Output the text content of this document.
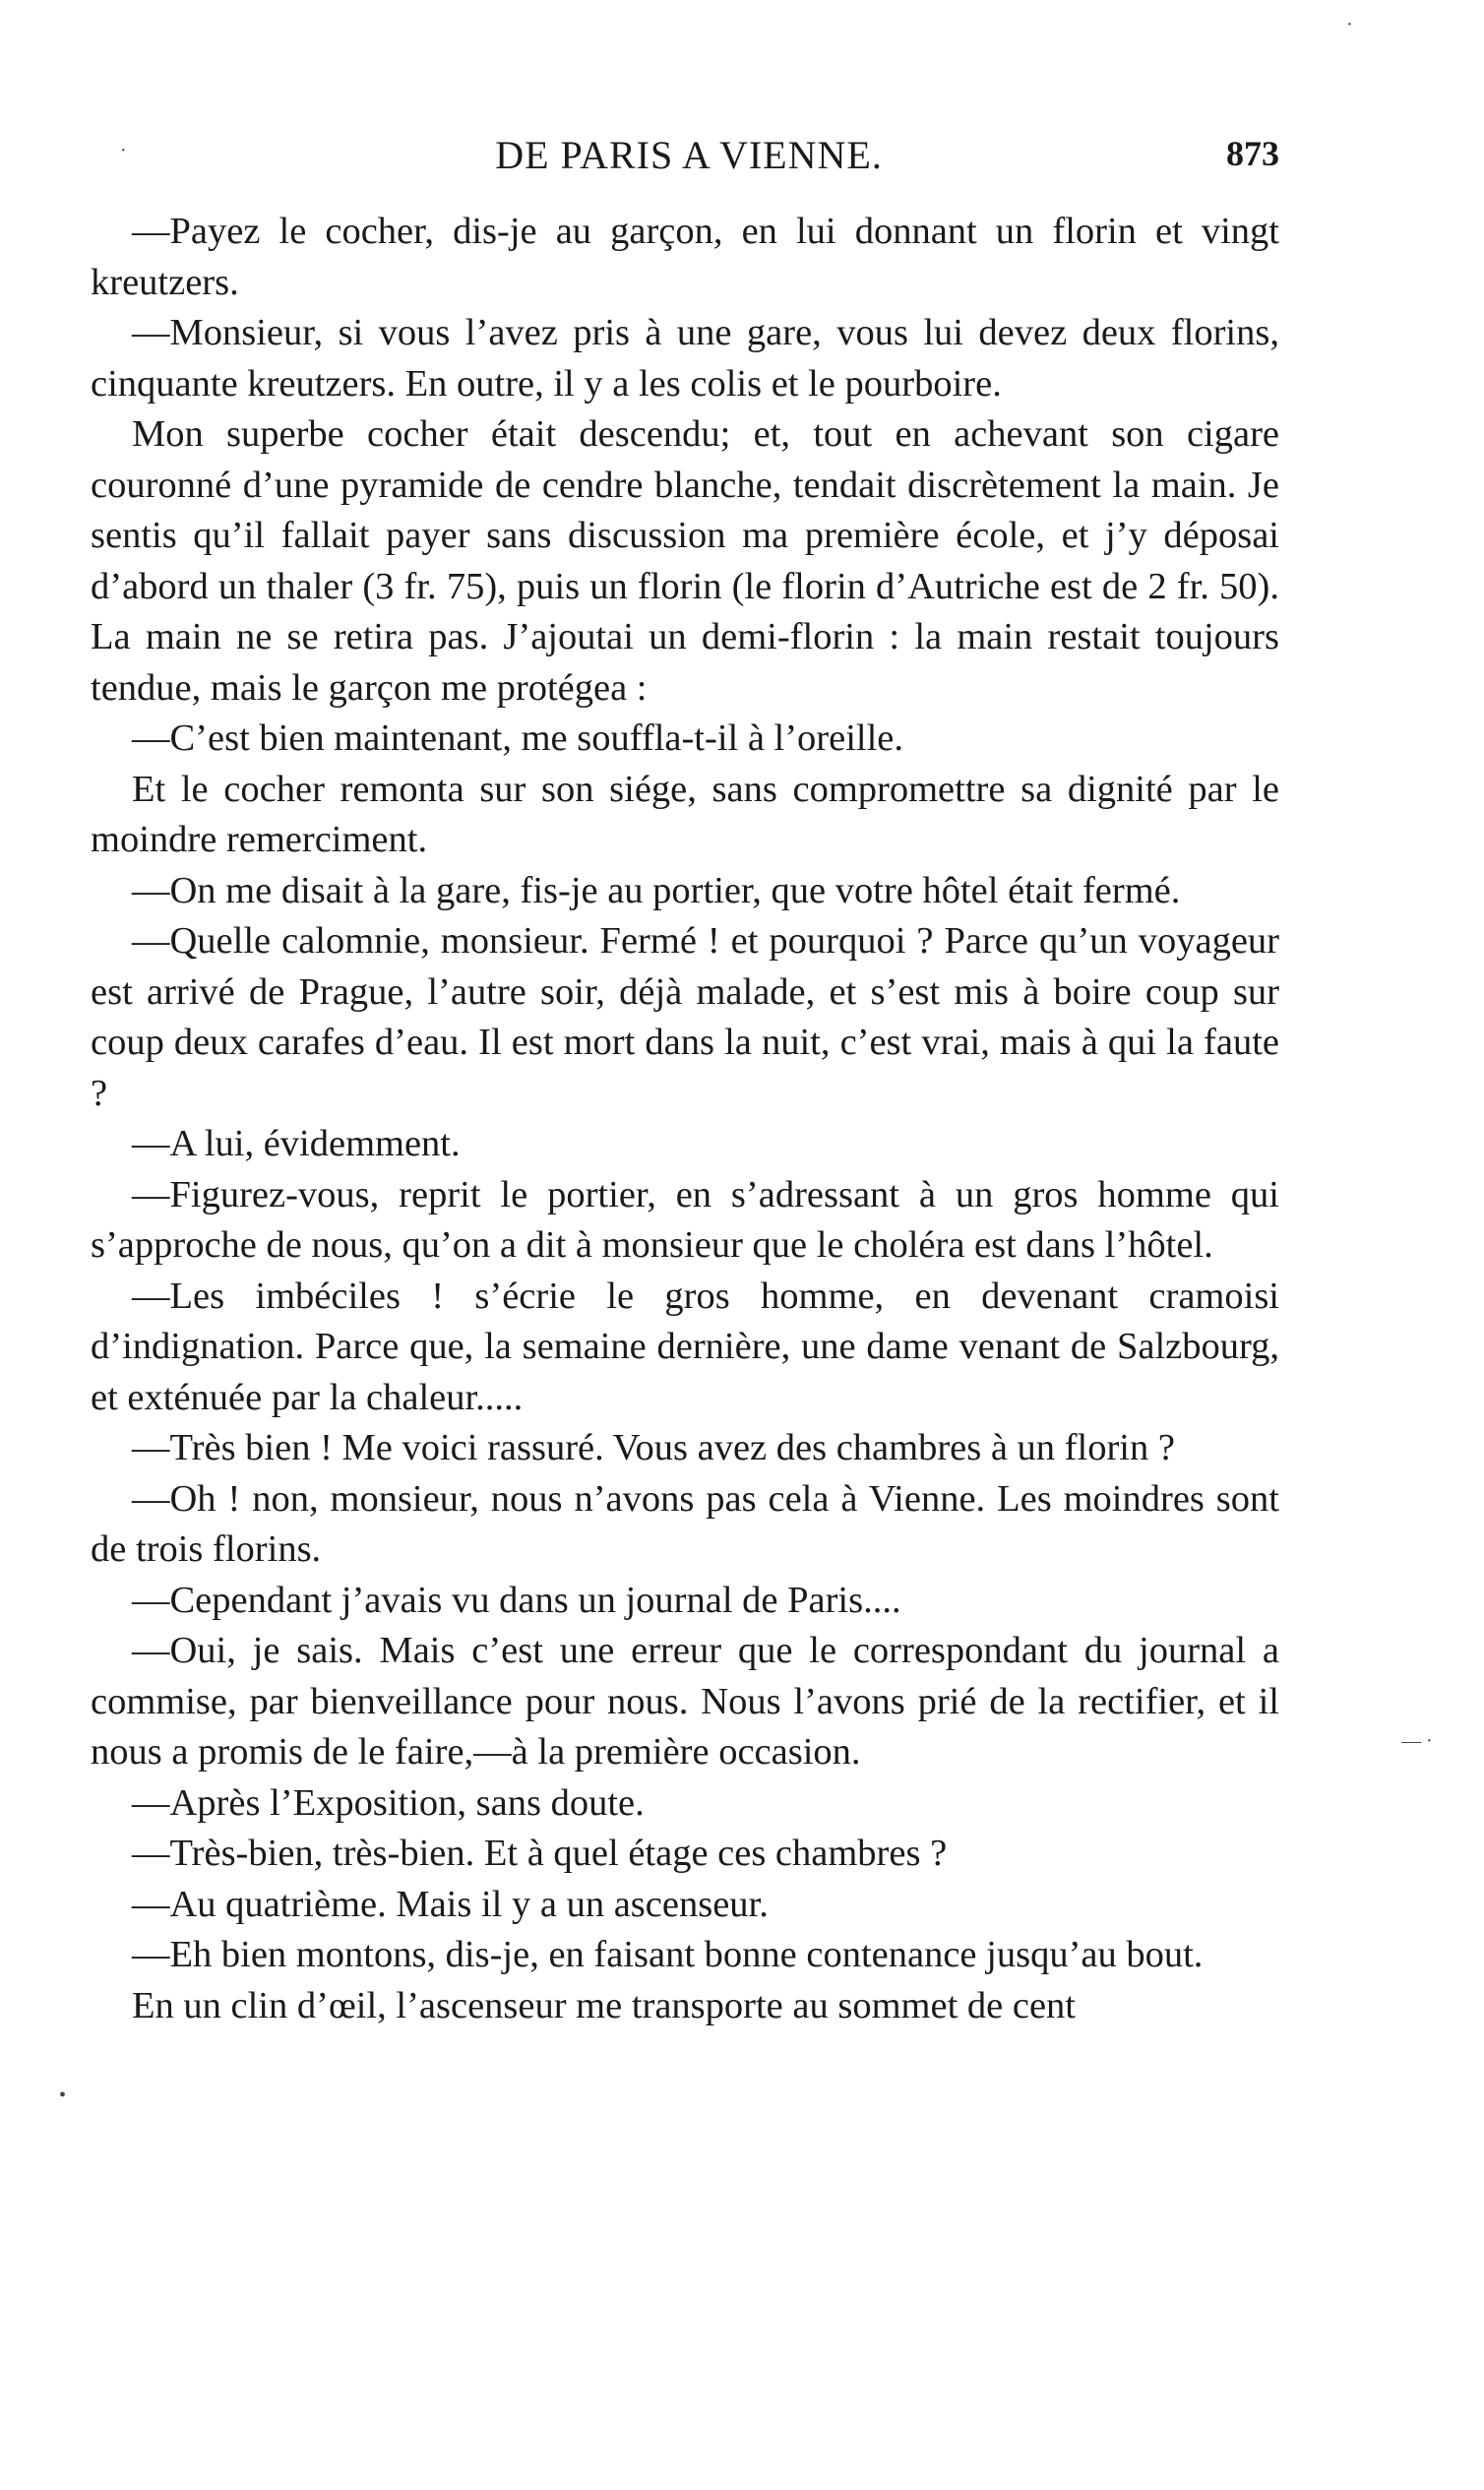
DE PARIS A VIENNE.	873

—Payez le cocher, dis-je au garçon, en lui donnant un florin et vingt kreutzers.

—Monsieur, si vous l’avez pris à une gare, vous lui devez deux florins, cinquante kreutzers. En outre, il y a les colis et le pourboire.

Mon superbe cocher était descendu; et, tout en achevant son cigare couronné d’une pyramide de cendre blanche, tendait discrètement la main. Je sentis qu’il fallait payer sans discussion ma première école, et j’y déposai d’abord un thaler (3 fr. 75), puis un florin (le florin d’Autriche est de 2 fr. 50). La main ne se retira pas. J’ajoutai un demi-florin : la main restait toujours tendue, mais le garçon me protégea :

—C’est bien maintenant, me souffla-t-il à l’oreille.

Et le cocher remonta sur son siége, sans compromettre sa dignité par le moindre remerciment.

—On me disait à la gare, fis-je au portier, que votre hôtel était fermé.

—Quelle calomnie, monsieur. Fermé ! et pourquoi ? Parce qu’un voyageur est arrivé de Prague, l’autre soir, déjà malade, et s’est mis à boire coup sur coup deux carafes d’eau. Il est mort dans la nuit, c’est vrai, mais à qui la faute ?

—A lui, évidemment.

—Figurez-vous, reprit le portier, en s’adressant à un gros homme qui s’approche de nous, qu’on a dit à monsieur que le choléra est dans l’hôtel.

—Les imbéciles ! s’écrie le gros homme, en devenant cramoisi d’indignation. Parce que, la semaine dernière, une dame venant de Salzbourg, et exténuée par la chaleur.....

—Très bien ! Me voici rassuré. Vous avez des chambres à un florin ?

—Oh ! non, monsieur, nous n’avons pas cela à Vienne. Les moindres sont de trois florins.

—Cependant j’avais vu dans un journal de Paris....

—Oui, je sais. Mais c’est une erreur que le correspondant du journal a commise, par bienveillance pour nous. Nous l’avons prié de la rectifier, et il nous a promis de le faire,—à la première occasion.

—Après l’Exposition, sans doute.

—Très-bien, très-bien. Et à quel étage ces chambres ?

—Au quatrième. Mais il y a un ascenseur.

—Eh bien montons, dis-je, en faisant bonne contenance jusqu’au bout.

En un clin d’œil, l’ascenseur me transporte au sommet de cent

·
·
•
— ·
